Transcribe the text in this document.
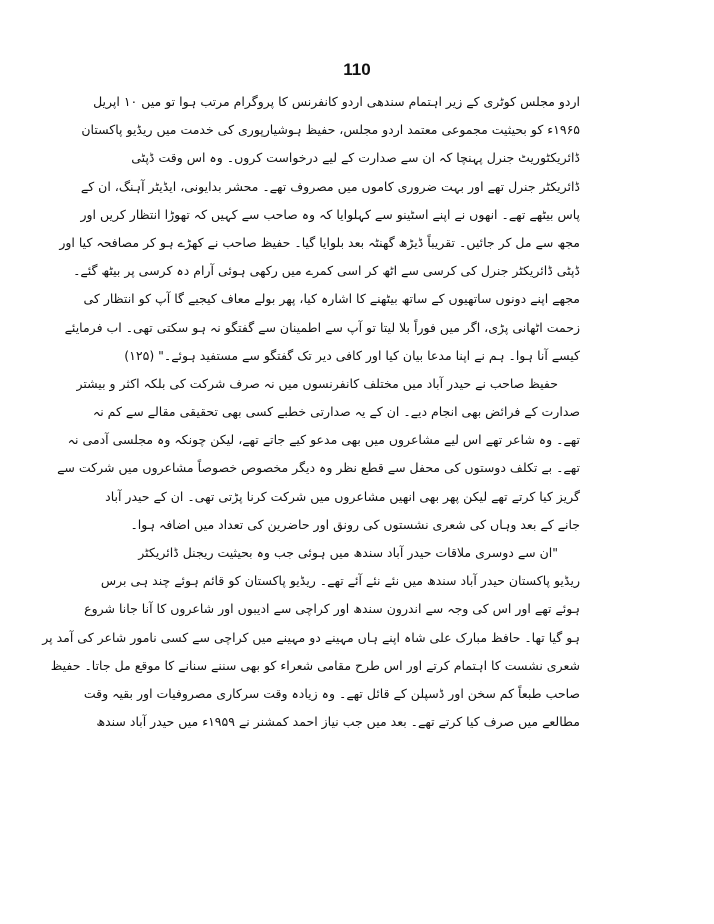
110
اردو مجلس کوٹری کے زیر اہتمام سندھی اردو کانفرنس کا پروگرام مرتب ہوا تو میں ۱۰ اپریل
۱۹۶۵ء کو بحیثیت مجموعی معتمد اردو مجلس، حفیظ ہوشیارپوری کی خدمت میں ریڈیو پاکستان
ڈائریکٹوریٹ جنرل پہنچا کہ ان سے صدارت کے لیے درخواست کروں۔ وہ اس وقت ڈپٹی
ڈائریکٹر جنرل تھے اور بہت ضروری کاموں میں مصروف تھے۔ محشر بدایونی، ایڈیٹر آہنگ، ان کے
پاس بیٹھے تھے۔ انھوں نے اپنے اسٹینو سے کہلوایا کہ وہ صاحب سے کہیں کہ تھوڑا انتظار کریں اور
مجھ سے مل کر جائیں۔ تقریباً ڈیڑھ گھنٹہ بعد بلوایا گیا۔ حفیظ صاحب نے کھڑے ہو کر مصافحہ کیا اور
ڈپٹی ڈائریکٹر جنرل کی کرسی سے اٹھ کر اسی کمرے میں رکھی ہوئی آرام دہ کرسی پر بیٹھ گئے۔
مجھے اپنے دونوں ساتھیوں کے ساتھ بیٹھنے کا اشارہ کیا، پھر بولے معاف کیجیے گا آپ کو انتظار کی
زحمت اٹھانی پڑی، اگر میں فوراً بلا لیتا تو آپ سے اطمینان سے گفتگو نہ ہو سکتی تھی۔ اب فرمایئے
کیسے آنا ہوا۔ ہم نے اپنا مدعا بیان کیا اور کافی دیر تک گفتگو سے مستفید ہوئے۔" (۱۲۵)
حفیظ صاحب نے حیدر آباد میں مختلف کانفرنسوں میں نہ صرف شرکت کی بلکہ اکثر و بیشتر
صدارت کے فرائض بھی انجام دیے۔ ان کے یہ صدارتی خطبے کسی بھی تحقیقی مقالے سے کم نہ
تھے۔ وہ شاعر تھے اس لیے مشاعروں میں بھی مدعو کیے جاتے تھے، لیکن چونکہ وہ مجلسی آدمی نہ
تھے۔ بے تکلف دوستوں کی محفل سے قطع نظر وہ دیگر مخصوص خصوصاً مشاعروں میں شرکت سے
گریز کیا کرتے تھے لیکن پھر بھی انھیں مشاعروں میں شرکت کرنا پڑتی تھی۔ ان کے حیدر آباد
جانے کے بعد وہاں کی شعری نشستوں کی رونق اور حاضرین کی تعداد میں اضافہ ہوا۔
"ان سے دوسری ملاقات حیدر آباد سندھ میں ہوئی جب وہ بحیثیت ریجنل ڈائریکٹر
ریڈیو پاکستان حیدر آباد سندھ میں نئے نئے آئے تھے۔ ریڈیو پاکستان کو قائم ہوئے چند ہی برس
ہوئے تھے اور اس کی وجہ سے اندرون سندھ اور کراچی سے ادیبوں اور شاعروں کا آنا جانا شروع
ہو گیا تھا۔ حافظ مبارک علی شاہ اپنے ہاں مہینے دو مہینے میں کراچی سے کسی نامور شاعر کی آمد پر
شعری نشست کا اہتمام کرتے اور اس طرح مقامی شعراء کو بھی سننے سنانے کا موقع مل جاتا۔ حفیظ
صاحب طبعاً کم سخن اور ڈسپلن کے قائل تھے۔ وہ زیادہ وقت سرکاری مصروفیات اور بقیہ وقت
مطالعے میں صرف کیا کرتے تھے۔ بعد میں جب نیاز احمد کمشنر نے ۱۹۵۹ء میں حیدر آباد سندھ
